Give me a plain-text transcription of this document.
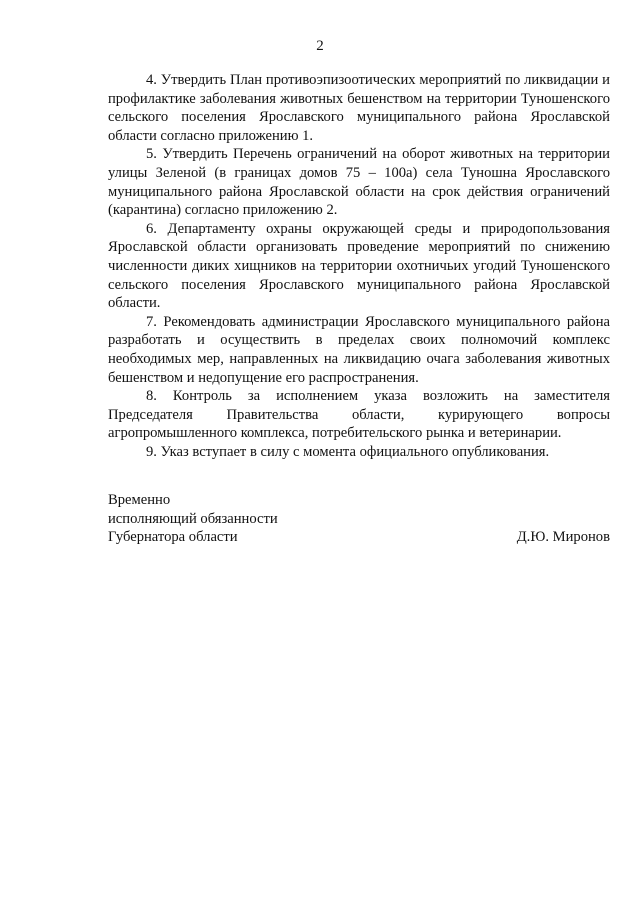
2

4. Утвердить План противоэпизоотических мероприятий по ликвидации и профилактике заболевания животных бешенством на территории Туношенского сельского поселения Ярославского муниципального района Ярославской области согласно приложению 1.

5. Утвердить Перечень ограничений на оборот животных на территории улицы Зеленой (в границах домов 75 – 100а) села Туношна Ярославского муниципального района Ярославской области на срок действия ограничений (карантина) согласно приложению 2.

6. Департаменту охраны окружающей среды и природопользования Ярославской области организовать проведение мероприятий по снижению численности диких хищников на территории охотничьих угодий Туношенского сельского поселения Ярославского муниципального района Ярославской области.

7. Рекомендовать администрации Ярославского муниципального района разработать и осуществить в пределах своих полномочий комплекс необходимых мер, направленных на ликвидацию очага заболевания животных бешенством и недопущение его распространения.

8. Контроль за исполнением указа возложить на заместителя Председателя Правительства области, курирующего вопросы агропромышленного комплекса, потребительского рынка и ветеринарии.

9. Указ вступает в силу с момента официального опубликования.

Временно
исполняющий обязанности
Губернатора области	Д.Ю. Миронов
